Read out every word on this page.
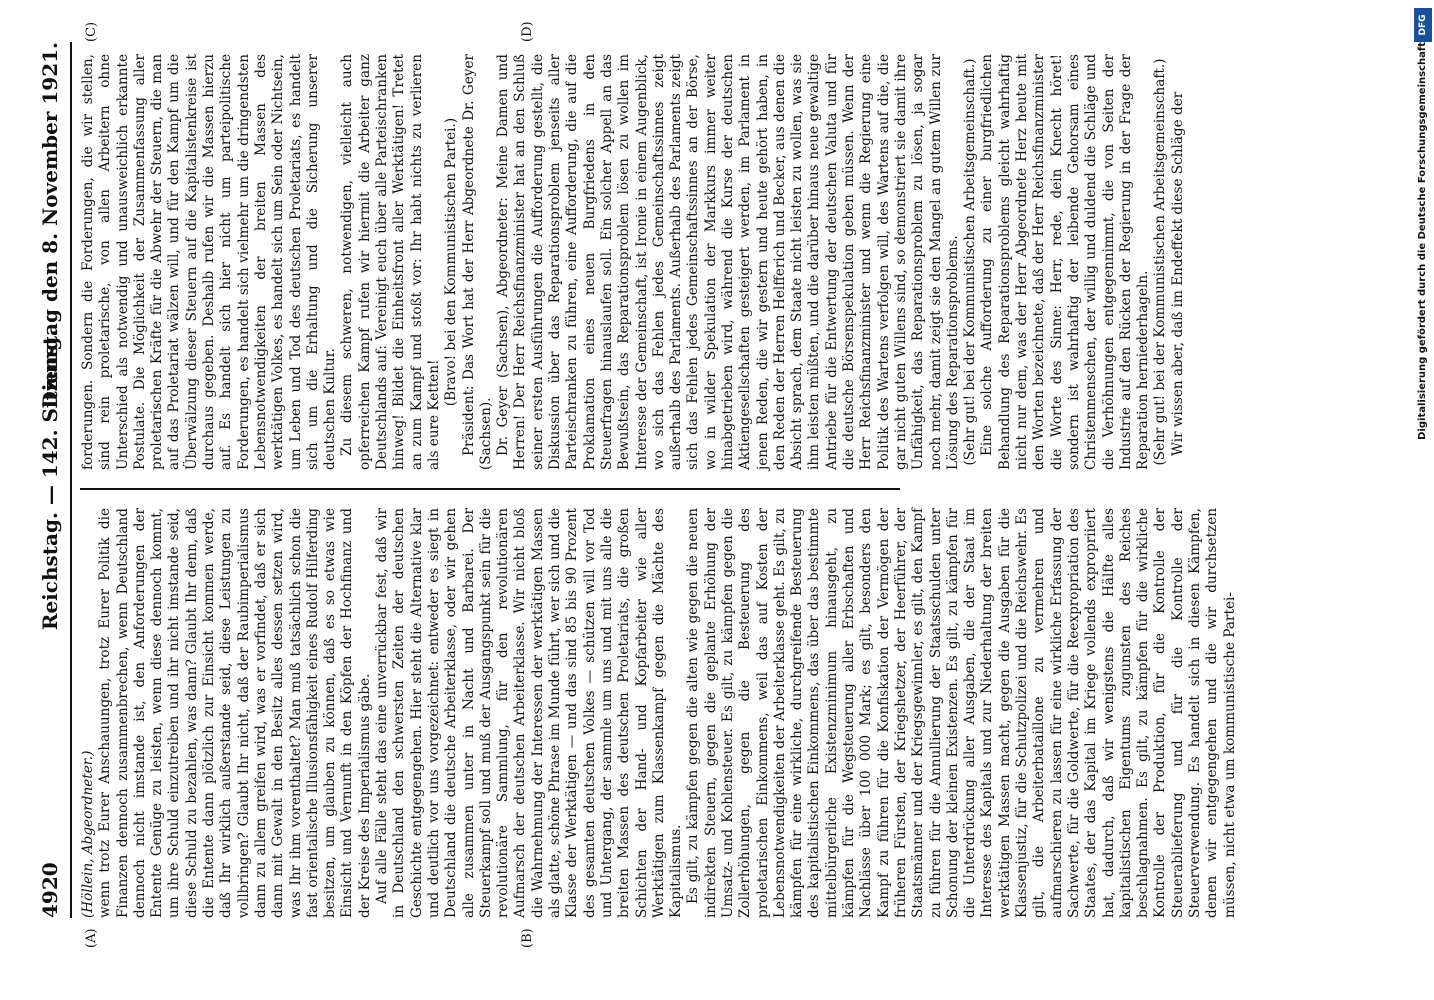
4920
Reichstag. — 142. Sitzung.
Dienstag den 8. November 1921.
(A)	(B)
(C)	(D)

(Höllein, Abgeordneter.) wenn trotz Eurer Anschauungen, trotz Eurer Politik die Finanzen dennoch zusammenbrechen, wenn Deutschland dennoch nicht imstande ist, den Anforderungen der Entente Genüge zu leisten, wenn diese dennoch kommt, um ihre Schuld einzutreiben und ihr nicht imstande seid, diese Schuld zu bezahlen, was dann? Glaubt Ihr denn, daß die Entente dann plötzlich zur Einsicht kommen werde, daß Ihr wirklich außerstande seid, diese Leistungen zu vollbringen? Glaubt Ihr nicht, daß der Raubimperialismus dann zu allem greifen wird, was er vorfindet, daß er sich dann mit Gewalt in den Besitz alles dessen setzen wird, was Ihr ihm vorenthaltet? Man muß tatsächlich schon die fast orientalische Illusionsfähigkeit eines Rudolf Hilferding besitzen, um glauben zu können, daß es so etwas wie Einsicht und Vernunft in den Köpfen der Hochfinanz und der Kreise des Imperialismus gäbe. Auf alle Fälle steht das eine unverrückbar fest, daß wir in Deutschland den schwersten Zeiten der deutschen Geschichte entgegengehen. Hier steht die Alternative klar und deutlich vor uns vorgezeichnet: entweder es siegt in Deutschland die deutsche Arbeiterklasse, oder wir gehen alle zusammen unter in Nacht und Barbarei. Der Steuerkampf soll und muß der Ausgangspunkt sein für die revolutionäre Sammlung, für den revolutionären Aufmarsch der deutschen Arbeiterklasse. Wir nicht bloß die Wahrnehmung der Interessen der werktätigen Massen als glatte, schöne Phrase im Munde führt, wer sich und die Klasse der Werktätigen — und das sind 85 bis 90 Prozent des gesamten deutschen Volkes — schützen will vor Tod und Untergang, der sammle um uns und mit uns alle die breiten Massen des deutschen Proletariats, die großen Schichten der Hand- und Kopfarbeiter wie aller Werktätigen zum Klassenkampf gegen die Mächte des Kapitalismus. Es gilt, zu kämpfen gegen die alten wie gegen die neuen indirekten Steuern, gegen die geplante Erhöhung der Umsatz- und Kohlensteuer. Es gilt, zu kämpfen gegen die Zollerhöhungen, gegen die Besteuerung des proletarischen Einkommens, weil das auf Kosten der Lebensnotwendigkeiten der Arbeiterklasse geht. Es gilt, zu kämpfen für eine wirkliche, durchgreifende Besteuerung des kapitalistischen Einkommens, das über das bestimmte mittelbürgerliche Existenzminimum hinausgeht, zu kämpfen für die Wegsteuerung aller Erbschaften und Nachlässe über 100 000 Mark; es gilt, besonders den Kampf zu führen für die Konfiskation der Vermögen der früheren Fürsten, der Kriegshetzer, der Heerführer, der Staatsmänner und der Kriegsgewinnler, es gilt, den Kampf zu führen für die Annullierung der Staatsschulden unter Schonung der kleinen Existenzen. Es gilt, zu kämpfen für die Unterdrückung aller Ausgaben, die der Staat im Interesse des Kapitals und zur Niederhaltung der breiten werktätigen Massen macht, gegen die Ausgaben für die Klassenjustiz, für die Schutzpolizei und die Reichswehr. Es gilt, die Arbeiterbataillone zu vermehren und aufmarschieren zu lassen für eine wirkliche Erfassung der Sachwerte, für die Goldwerte, für die Reexpropriation des Staates, der das Kapital im Kriege vollends expropriiert hat, dadurch, daß wir wenigstens die Hälfte alles kapitalistischen Eigentums zugunsten des Reiches beschlagnahmen. Es gilt, zu kämpfen für die wirkliche Kontrolle der Produktion, für die Kontrolle der Steuerablieferung und für die Kontrolle der Steuerverwendung. Es handelt sich in diesen Kämpfen, denen wir entgegengehen und die wir durchsetzen müssen, nicht etwa um kommunistische Partei-

forderungen. Sondern die Forderungen, die wir stellen, sind rein proletarische, von allen Arbeitern ohne Unterschied als notwendig und unausweichlich erkannte Postulate. Die Möglichkeit der Zusammenfassung aller proletarischen Kräfte für die Abwehr der Steuern, die man auf das Proletariat wälzen will, und für den Kampf um die Überwälzung dieser Steuern auf die Kapitalistenkreise ist durchaus gegeben. Deshalb rufen wir die Massen hierzu auf. Es handelt sich hier nicht um parteipolitische Forderungen, es handelt sich vielmehr um die dringendsten Lebensnotwendigkeiten der breiten Massen des werktätigen Volkes, es handelt sich um Sein oder Nichtsein, um Leben und Tod des deutschen Proletariats, es handelt sich um die Erhaltung und die Sicherung unserer deutschen Kultur. Zu diesem schweren, notwendigen, vielleicht auch opferreichen Kampf rufen wir hiermit die Arbeiter ganz Deutschlands auf: Vereinigt euch über alle Parteischranken hinweg! Bildet die Einheitsfront aller Werktätigen! Tretet an zum Kampf und stoßt vor: Ihr habt nichts zu verlieren als eure Ketten!

(Bravo! bei den Kommunistischen Partei.) Präsident: Das Wort hat der Herr Abgeordnete Dr. Geyer (Sachsen). Dr. Geyer (Sachsen), Abgeordneter: Meine Damen und Herren! Der Herr Reichsfinanzminister hat an den Schluß seiner ersten Ausführungen die Aufforderung gestellt, die Diskussion über das Reparationsproblem jenseits aller Parteischranken zu führen, eine Aufforderung, die auf die Proklamation eines neuen Burgfriedens in den Steuerfragen hinauslaufen soll. Ein solcher Appell an das Bewußtsein, das Reparationsproblem lösen zu wollen im Interesse der Gemeinschaft, ist Ironie in einem Augenblick, wo sich das Fehlen jedes Gemeinschaftssinnes zeigt außerhalb des Parlaments. Außerhalb des Parlaments zeigt sich das Fehlen jedes Gemeinschaftssinnes an der Börse, wo in wilder Spekulation der Markkurs immer weiter hinabgetrieben wird, während die Kurse der deutschen Aktiengesellschaften gesteigert werden, im Parlament in jenen Reden, die wir gestern und heute gehört haben, in den Reden der Herren Helfferich und Becker, aus denen die Absicht sprach, dem Staate nicht leisten zu wollen, was sie ihm leisten müßten, und die darüber hinaus neue gewaltige Antriebe für die Entwertung der deutschen Valuta und für die deutsche Börsenspekulation geben müssen. Wenn der Herr Reichsfinanzminister und wenn die Regierung eine Politik des Wartens verfolgen will, des Wartens auf die, die gar nicht guten Willens sind, so demonstriert sie damit ihre Unfähigkeit, das Reparationsproblem zu lösen, ja sogar noch mehr, damit zeigt sie den Mangel an gutem Willen zur Lösung des Reparationsproblems. (Sehr gut! bei der Kommunistischen Arbeitsgemeinschaft.) Eine solche Aufforderung zu einer burgfriedlichen Behandlung des Reparationsproblems gleicht wahrhaftig nicht nur dem, was der Herr Abgeordnete Herz heute mit den Worten bezeichnete, daß der Herr Reichsfinanzminister die Worte des Sinne: Herr, rede, dein Knecht höret! sondern ist wahrhaftig der leibende Gehorsam eines Christenmenschen, der willig und duldend die Schläge und die Verhöhnungen entgegennimmt, die von Seiten der Industrie auf den Rücken der Regierung in der Frage der Reparation herniederhageln. (Sehr gut! bei der Kommunistischen Arbeitsgemeinschaft.) Wir wissen aber, daß im Endeffekt diese Schläge der	Digitalisierung gefördert durch die Deutsche Forschungsgemeinschaft
DFG
